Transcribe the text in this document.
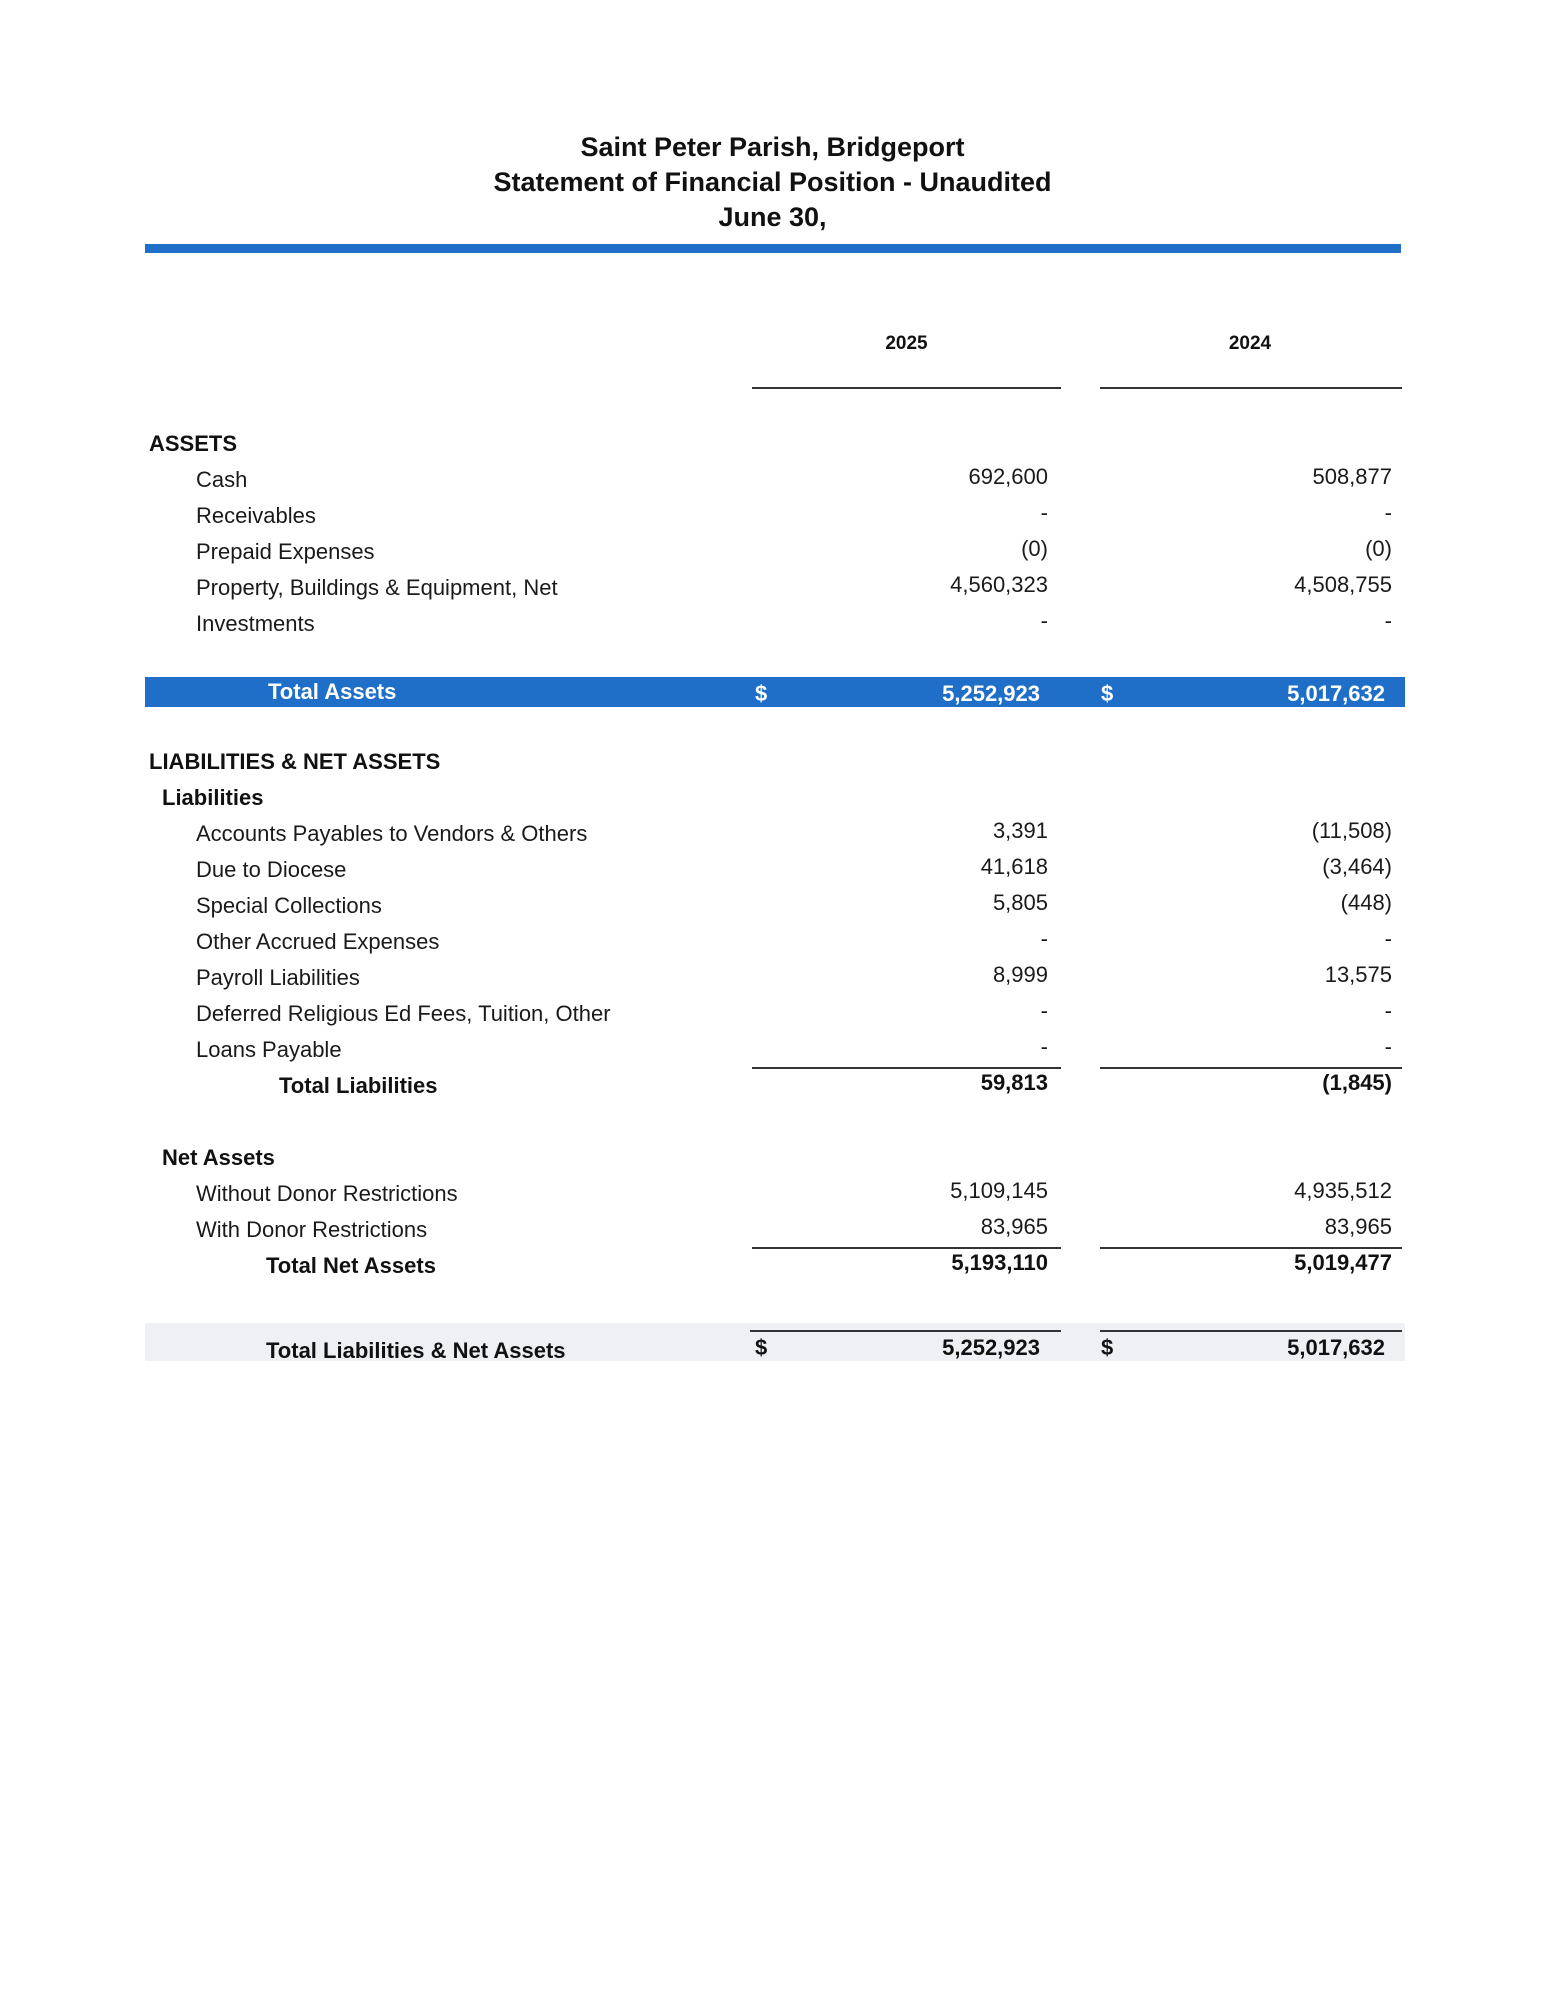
Saint Peter Parish, Bridgeport
Statement of Financial Position - Unaudited
June 30,
2025	2024
ASSETS
Cash	692,600	508,877
Receivables	-	-
Prepaid Expenses	(0)	(0)
Property, Buildings & Equipment, Net	4,560,323	4,508,755
Investments	-	-
Total Assets	$	5,252,923	$	5,017,632
LIABILITIES & NET ASSETS
Liabilities
Accounts Payables to Vendors & Others	3,391	(11,508)
Due to Diocese	41,618	(3,464)
Special Collections	5,805	(448)
Other Accrued Expenses	-	-
Payroll Liabilities	8,999	13,575
Deferred Religious Ed Fees, Tuition, Other	-	-
Loans Payable	-	-
Total Liabilities	59,813	(1,845)
Net Assets
Without Donor Restrictions	5,109,145	4,935,512
With Donor Restrictions	83,965	83,965
Total Net Assets	5,193,110	5,019,477
Total Liabilities & Net Assets	$	5,252,923	$	5,017,632
